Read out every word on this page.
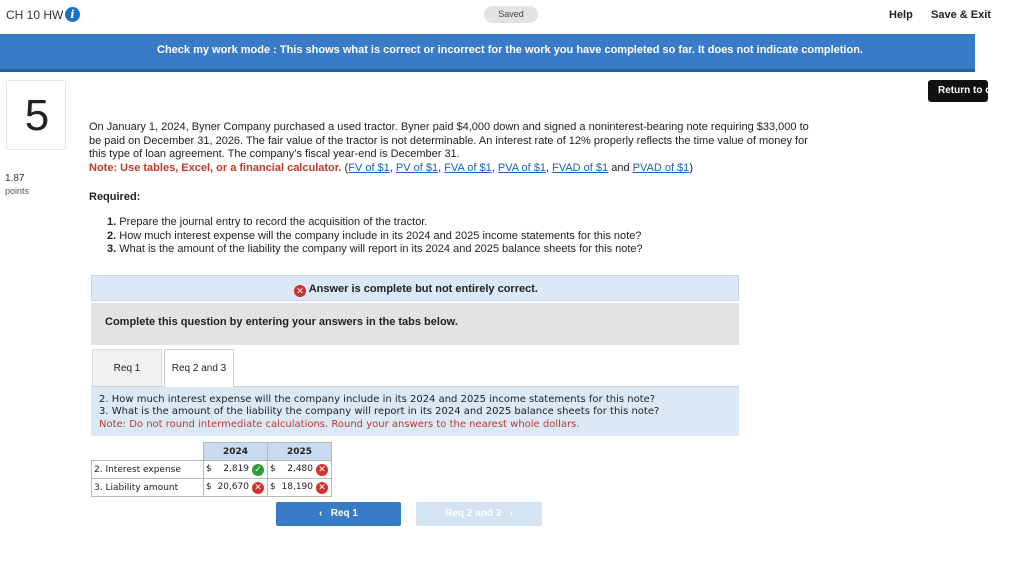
CH 10 HW i	Saved	Help Save & Exit
Check my work mode : This shows what is correct or incorrect for the work you have completed so far. It does not indicate completion.
Return to question
5
1.87
points
On January 1, 2024, Byner Company purchased a used tractor. Byner paid $4,000 down and signed a noninterest-bearing note requiring $33,000 to be paid on December 31, 2026. The fair value of the tractor is not determinable. An interest rate of 12% properly reflects the time value of money for this type of loan agreement. The company’s fiscal year-end is December 31.
Note: Use tables, Excel, or a financial calculator. (FV of $1, PV of $1, FVA of $1, PVA of $1, FVAD of $1 and PVAD of $1)
Required:
1. Prepare the journal entry to record the acquisition of the tractor.
2. How much interest expense will the company include in its 2024 and 2025 income statements for this note?
3. What is the amount of the liability the company will report in its 2024 and 2025 balance sheets for this note?
✕ Answer is complete but not entirely correct.
Complete this question by entering your answers in the tabs below.
Req 1	Req 2 and 3
2. How much interest expense will the company include in its 2024 and 2025 income statements for this note?
3. What is the amount of the liability the company will report in its 2024 and 2025 balance sheets for this note?
Note: Do not round intermediate calculations. Round your answers to the nearest whole dollars.
	2024	2025
2. Interest expense	$ 2,819 ✓	$ 2,480 ✕

3. Liability amount	$ 20,670 ✕	$ 18,190 ✕
‹ Req 1	Req 2 and 3 ›
